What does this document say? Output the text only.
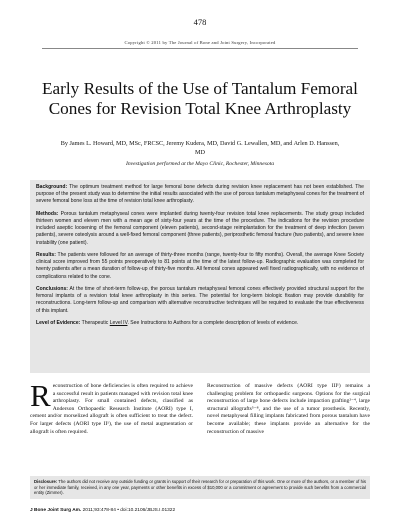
478
Copyright © 2011 by The Journal of Bone and Joint Surgery, Incorporated
Early Results of the Use of Tantalum Femoral Cones for Revision Total Knee Arthroplasty
By James L. Howard, MD, MSc, FRCSC, Jeremy Kudera, MD, David G. Lewallen, MD, and Arlen D. Hanssen, MD
Investigation performed at the Mayo Clinic, Rochester, Minnesota

Background: The optimum treatment method for large femoral bone defects during revision knee replacement has not been established. The purpose of the present study was to determine the initial results associated with the use of porous tantalum metaphyseal cones for the treatment of severe femoral bone loss at the time of revision total knee arthroplasty.

Methods: Porous tantalum metaphyseal cones were implanted during twenty-four revision total knee replacements. The study group included thirteen women and eleven men with a mean age of sixty-four years at the time of the procedure. The indications for the revision procedure included aseptic loosening of the femoral component (eleven patients), second-stage reimplantation for the treatment of deep infection (seven patients), severe osteolysis around a well-fixed femoral component (three patients), periprosthetic femoral fracture (two patients), and severe knee instability (one patient).

Results: The patients were followed for an average of thirty-three months (range, twenty-four to fifty months). Overall, the average Knee Society clinical score improved from 55 points preoperatively to 81 points at the time of the latest follow-up. Radiographic evaluation was completed for twenty patients after a mean duration of follow-up of thirty-five months. All femoral cones appeared well fixed radiographically, with no evidence of complications related to the cone.

Conclusions: At the time of short-term follow-up, the porous tantalum metaphyseal femoral cones effectively provided structural support for the femoral implants of a revision total knee arthroplasty in this series. The potential for long-term biologic fixation may provide durability for reconstructions. Long-term follow-up and comparison with alternative reconstructive techniques will be required to evaluate the true effectiveness of this implant.

Level of Evidence: Therapeutic Level IV. See Instructions to Authors for a complete description of levels of evidence.

Reconstruction of bone deficiencies is often required to achieve a successful result in patients managed with revision total knee arthroplasty. For small contained defects, classified as Anderson Orthopaedic Research Institute (AORI) type I, cement and/or morselized allograft is often sufficient to treat the defect. For larger defects (AORI type II¹), the use of metal augmentation or allograft is often required.
Reconstruction of massive defects (AORI type III¹) remains a challenging problem for orthopaedic surgeons. Options for the surgical reconstruction of large bone defects include impaction grafting²⁻⁴, large structural allografts⁵⁻⁸, and the use of a tumor prosthesis. Recently, novel metaphyseal filling implants fabricated from porous tantalum have become available; these implants provide an alternative for the reconstruction of massive
Disclosure: The authors did not receive any outside funding or grants in support of their research for or preparation of this work. One or more of the authors, or a member of his or her immediate family, received, in any one year, payments or other benefits in excess of $10,000 or a commitment or agreement to provide such benefits from a commercial entity (Zimmer).
J Bone Joint Surg Am. 2011;93:478-84 • doi:10.2106/JBJS.I.01322
